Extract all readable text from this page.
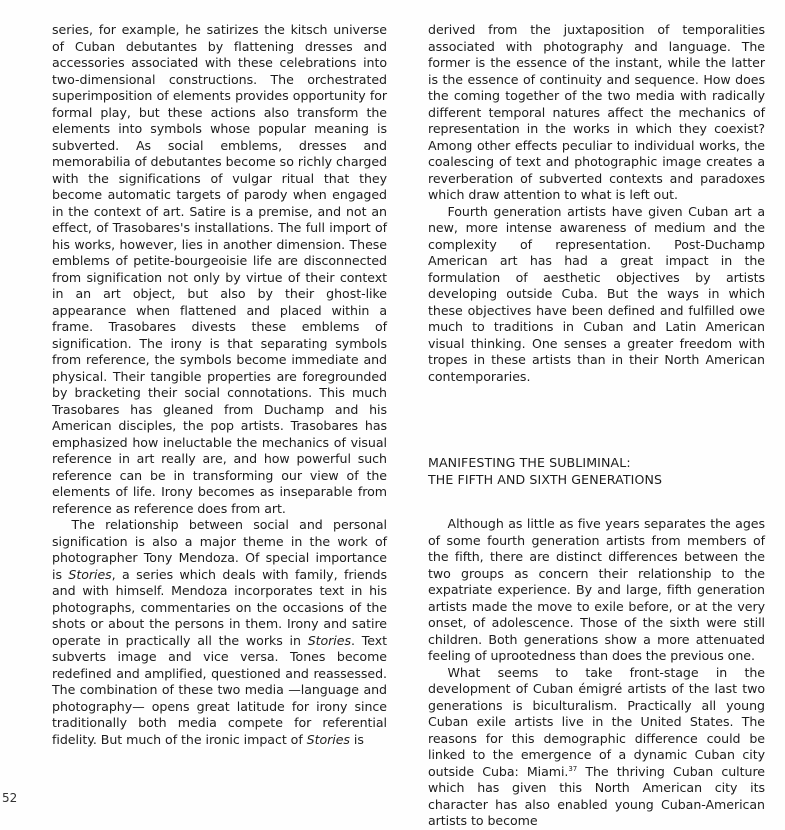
series, for example, he satirizes the kitsch universe of Cuban debutantes by flattening dresses and accessories associated with these celebrations into two-dimensional constructions. The orchestrated superimposition of elements provides opportunity for formal play, but these actions also transform the elements into symbols whose popular meaning is subverted. As social emblems, dresses and memorabilia of debutantes become so richly charged with the significations of vulgar ritual that they become automatic targets of parody when engaged in the context of art. Satire is a premise, and not an effect, of Trasobares's installations. The full import of his works, however, lies in another dimension. These emblems of petite-bourgeoisie life are disconnected from signification not only by virtue of their context in an art object, but also by their ghost-like appearance when flattened and placed within a frame. Trasobares divests these emblems of signification. The irony is that separating symbols from reference, the symbols become immediate and physical. Their tangible properties are foregrounded by bracketing their social connotations. This much Trasobares has gleaned from Duchamp and his American disciples, the pop artists. Trasobares has emphasized how ineluctable the mechanics of visual reference in art really are, and how powerful such reference can be in transforming our view of the elements of life. Irony becomes as inseparable from reference as reference does from art.

The relationship between social and personal signification is also a major theme in the work of photographer Tony Mendoza. Of special importance is Stories, a series which deals with family, friends and with himself. Mendoza incorporates text in his photographs, commentaries on the occasions of the shots or about the persons in them. Irony and satire operate in practically all the works in Stories. Text subverts image and vice versa. Tones become redefined and amplified, questioned and reassessed. The combination of these two media —language and photography— opens great latitude for irony since traditionally both media compete for referential fidelity. But much of the ironic impact of Stories is

derived from the juxtaposition of temporalities associated with photography and language. The former is the essence of the instant, while the latter is the essence of continuity and sequence. How does the coming together of the two media with radically different temporal natures affect the mechanics of representation in the works in which they coexist? Among other effects peculiar to individual works, the coalescing of text and photographic image creates a reverberation of subverted contexts and paradoxes which draw attention to what is left out.

Fourth generation artists have given Cuban art a new, more intense awareness of medium and the complexity of representation. Post-Duchamp American art has had a great impact in the formulation of aesthetic objectives by artists developing outside Cuba. But the ways in which these objectives have been defined and fulfilled owe much to traditions in Cuban and Latin American visual thinking. One senses a greater freedom with tropes in these artists than in their North American contemporaries.

MANIFESTING THE SUBLIMINAL:
THE FIFTH AND SIXTH GENERATIONS

Although as little as five years separates the ages of some fourth generation artists from members of the fifth, there are distinct differences between the two groups as concern their relationship to the expatriate experience. By and large, fifth generation artists made the move to exile before, or at the very onset, of adolescence. Those of the sixth were still children. Both generations show a more attenuated feeling of uprootedness than does the previous one.

What seems to take front-stage in the development of Cuban émigré artists of the last two generations is biculturalism. Practically all young Cuban exile artists live in the United States. The reasons for this demographic difference could be linked to the emergence of a dynamic Cuban city outside Cuba: Miami.$^{37}$ The thriving Cuban culture which has given this North American city its character has also enabled young Cuban-American artists to become

52
